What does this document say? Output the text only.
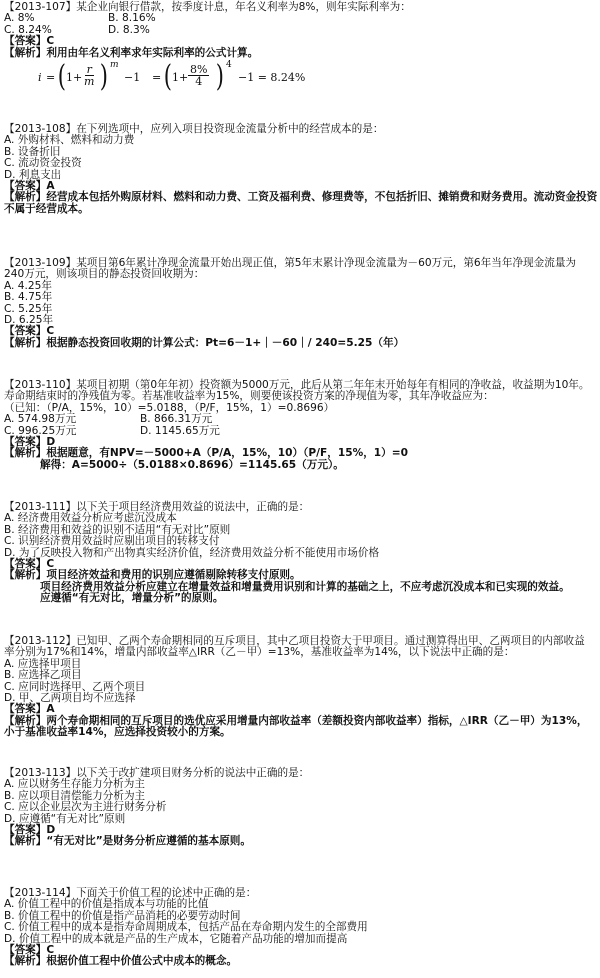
【2013-107】某企业向银行借款，按季度计息，年名义利率为8%，则年实际利率为：
A. 8%	B. 8.16%
C. 8.24%	D. 8.3%
【答案】C
【解析】利用由年名义利率求年实际利率的公式计算。
i = ( $1+ \frac{r}{m}$ ) m
−1 = ( $1+ \frac{8\%}{4}$ ) 4
−1 = 8.24%
【2013-108】在下列选项中，应列入项目投资现金流量分析中的经营成本的是：
A. 外购材料、燃料和动力费
B. 设备折旧
C. 流动资金投资
D. 利息支出
【答案】A
【解析】经营成本包括外购原材料、燃料和动力费、工资及福利费、修理费等，不包括折旧、摊销费和财务费用。流动资金投资
不属于经营成本。
【2013-109】某项目第6年累计净现金流量开始出现正值，第5年末累计净现金流量为－60万元，第6年当年净现金流量为
240万元，则该项目的静态投资回收期为：
A. 4.25年
B. 4.75年
C. 5.25年
D. 6.25年
【答案】C
【解析】根据静态投资回收期的计算公式：Pt=6－1+｜－60｜/ 240=5.25（年）
【2013-110】某项目初期（第0年年初）投资额为5000万元，此后从第二年年末开始每年有相同的净收益，收益期为10年。
寿命期结束时的净残值为零。若基准收益率为15%，则要使该投资方案的净现值为零，其年净收益应为：
（已知：（P/A，15%，10）=5.0188，（P/F，15%，1）=0.8696）
A. 574.98万元	B. 866.31万元
C. 996.25万元	D. 1145.65万元
【答案】D
【解析】根据题意，有NPV=－5000+A（P/A，15%，10）（P/F，15%，1）=0
解得：A=5000÷（5.0188×0.8696）=1145.65（万元）。
【2013-111】以下关于项目经济费用效益的说法中，正确的是：
A. 经济费用效益分析应考虑沉没成本
B. 经济费用和效益的识别不适用“有无对比”原则
C. 识别经济费用效益时应剔出项目的转移支付
D. 为了反映投入物和产出物真实经济价值，经济费用效益分析不能使用市场价格
【答案】C
【解析】项目经济效益和费用的识别应遵循剔除转移支付原则。
项目经济费用效益分析应建立在增量效益和增量费用识别和计算的基础之上，不应考虑沉没成本和已实现的效益。
应遵循“有无对比，增量分析”的原则。
【2013-112】已知甲、乙两个寿命期相同的互斥项目，其中乙项目投资大于甲项目。通过测算得出甲、乙两项目的内部收益
率分别为17%和14%，增量内部收益率△IRR（乙－甲）=13%，基准收益率为14%，以下说法中正确的是：
A. 应选择甲项目
B. 应选择乙项目
C. 应同时选择甲、乙两个项目
D. 甲、乙两项目均不应选择
【答案】A
【解析】两个寿命期相同的互斥项目的选优应采用增量内部收益率（差额投资内部收益率）指标，△IRR（乙－甲）为13%，
小于基准收益率14%，应选择投资较小的方案。
【2013-113】以下关于改扩建项目财务分析的说法中正确的是：
A. 应以财务生存能力分析为主
B. 应以项目清偿能力分析为主
C. 应以企业层次为主进行财务分析
D. 应遵循“有无对比”原则
【答案】D
【解析】“有无对比”是财务分析应遵循的基本原则。
【2013-114】下面关于价值工程的论述中正确的是：
A. 价值工程中的价值是指成本与功能的比值
B. 价值工程中的价值是指产品消耗的必要劳动时间
C. 价值工程中的成本是指寿命周期成本，包括产品在寿命期内发生的全部费用
D. 价值工程中的成本就是产品的生产成本，它随着产品功能的增加而提高
【答案】C
【解析】根据价值工程中价值公式中成本的概念。
